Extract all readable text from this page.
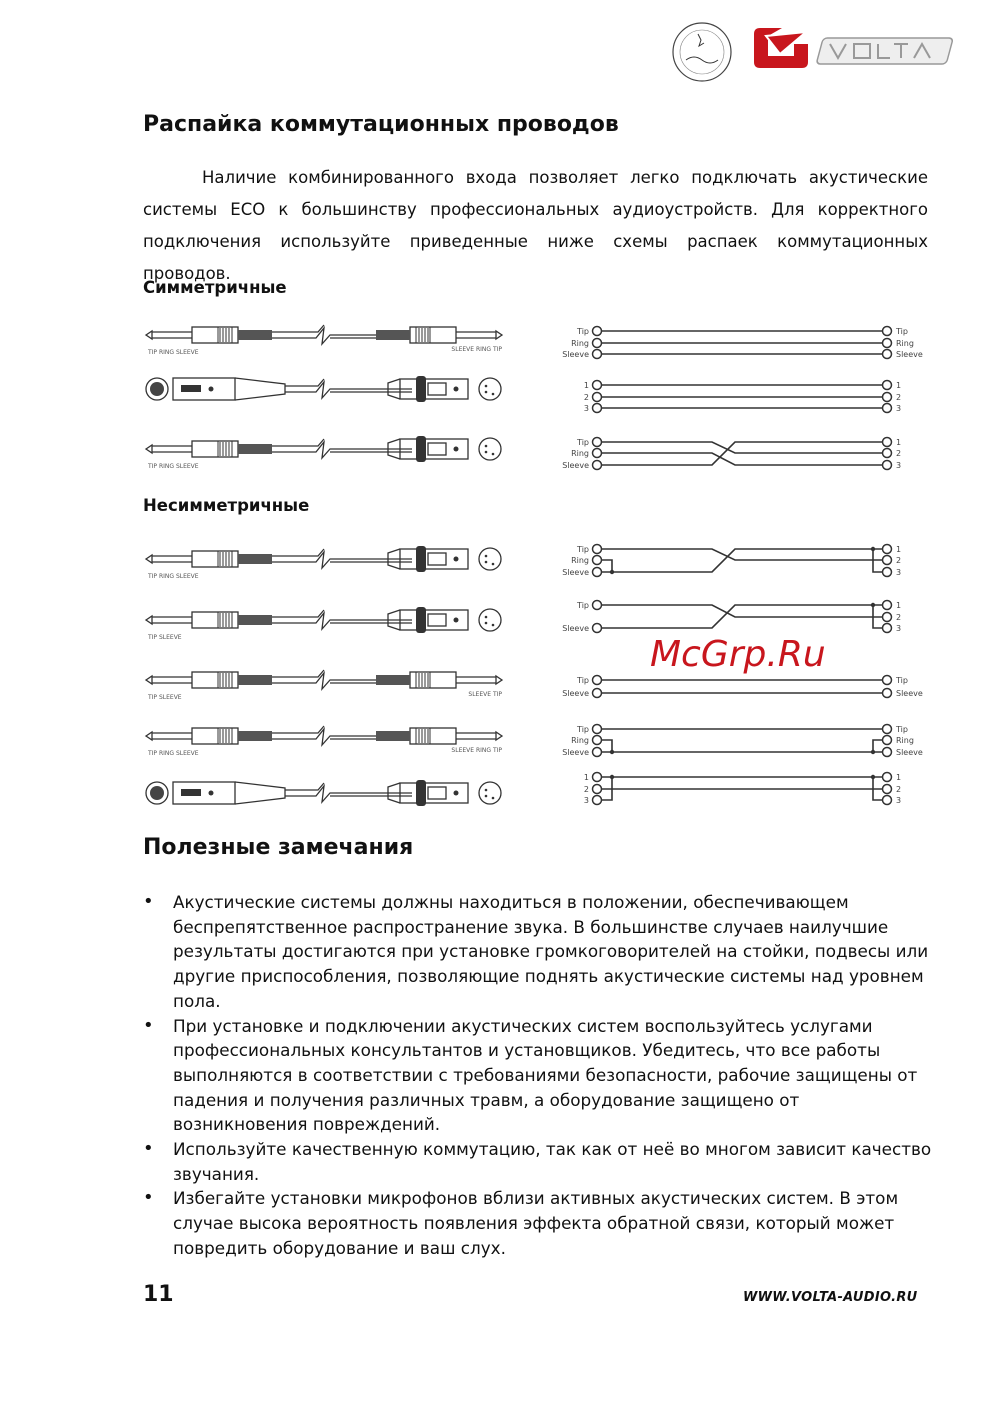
Распайка коммутационных проводов

Наличие комбинированного входа позволяет легко подключать акустические системы ECO к большинству профессиональных аудиоустройств. Для корректного подключения используйте приведенные ниже схемы распаек коммутационных проводов.

Симметричные
Несимметричные
TIP RING SLEEVE	SLEEVE RING TIP
TIP RING SLEEVE
TIP RING SLEEVE
TIP SLEEVE
TIP SLEEVE	SLEEVE TIP
TIP RING SLEEVE	SLEEVE RING TIP
Tip
Ring
Sleeve
Tip
Ring
Sleeve
1
2
3
1
2
3
Tip
Ring
Sleeve
1
2
3
Tip
Ring
Sleeve
1
2
3
Tip
Sleeve
1
2
3
Tip
Sleeve
Tip
Sleeve
Tip
Ring
Sleeve
Tip
Ring
Sleeve
1
2
3
1
2
3
McGrp.Ru
Полезные замечания
• Акустические системы должны находиться в положении, обеспечивающем беспрепятственное распространение звука. В большинстве случаев наилучшие результаты достигаются при установке громкоговорителей на стойки, подвесы или другие приспособления, позволяющие поднять акустические системы над уровнем пола.
• При установке и подключении акустических систем воспользуйтесь услугами профессиональных консультантов и установщиков. Убедитесь, что все работы выполняются в соответствии с требованиями безопасности, рабочие защищены от падения и получения различных травм, а оборудование защищено от возникновения повреждений.
• Используйте качественную коммутацию, так как от неё во многом зависит качество звучания.
• Избегайте установки микрофонов вблизи активных акустических систем. В этом случае высока вероятность появления эффекта обратной связи, который может повредить оборудование и ваш слух.
11	WWW.VOLTA-AUDIO.RU
